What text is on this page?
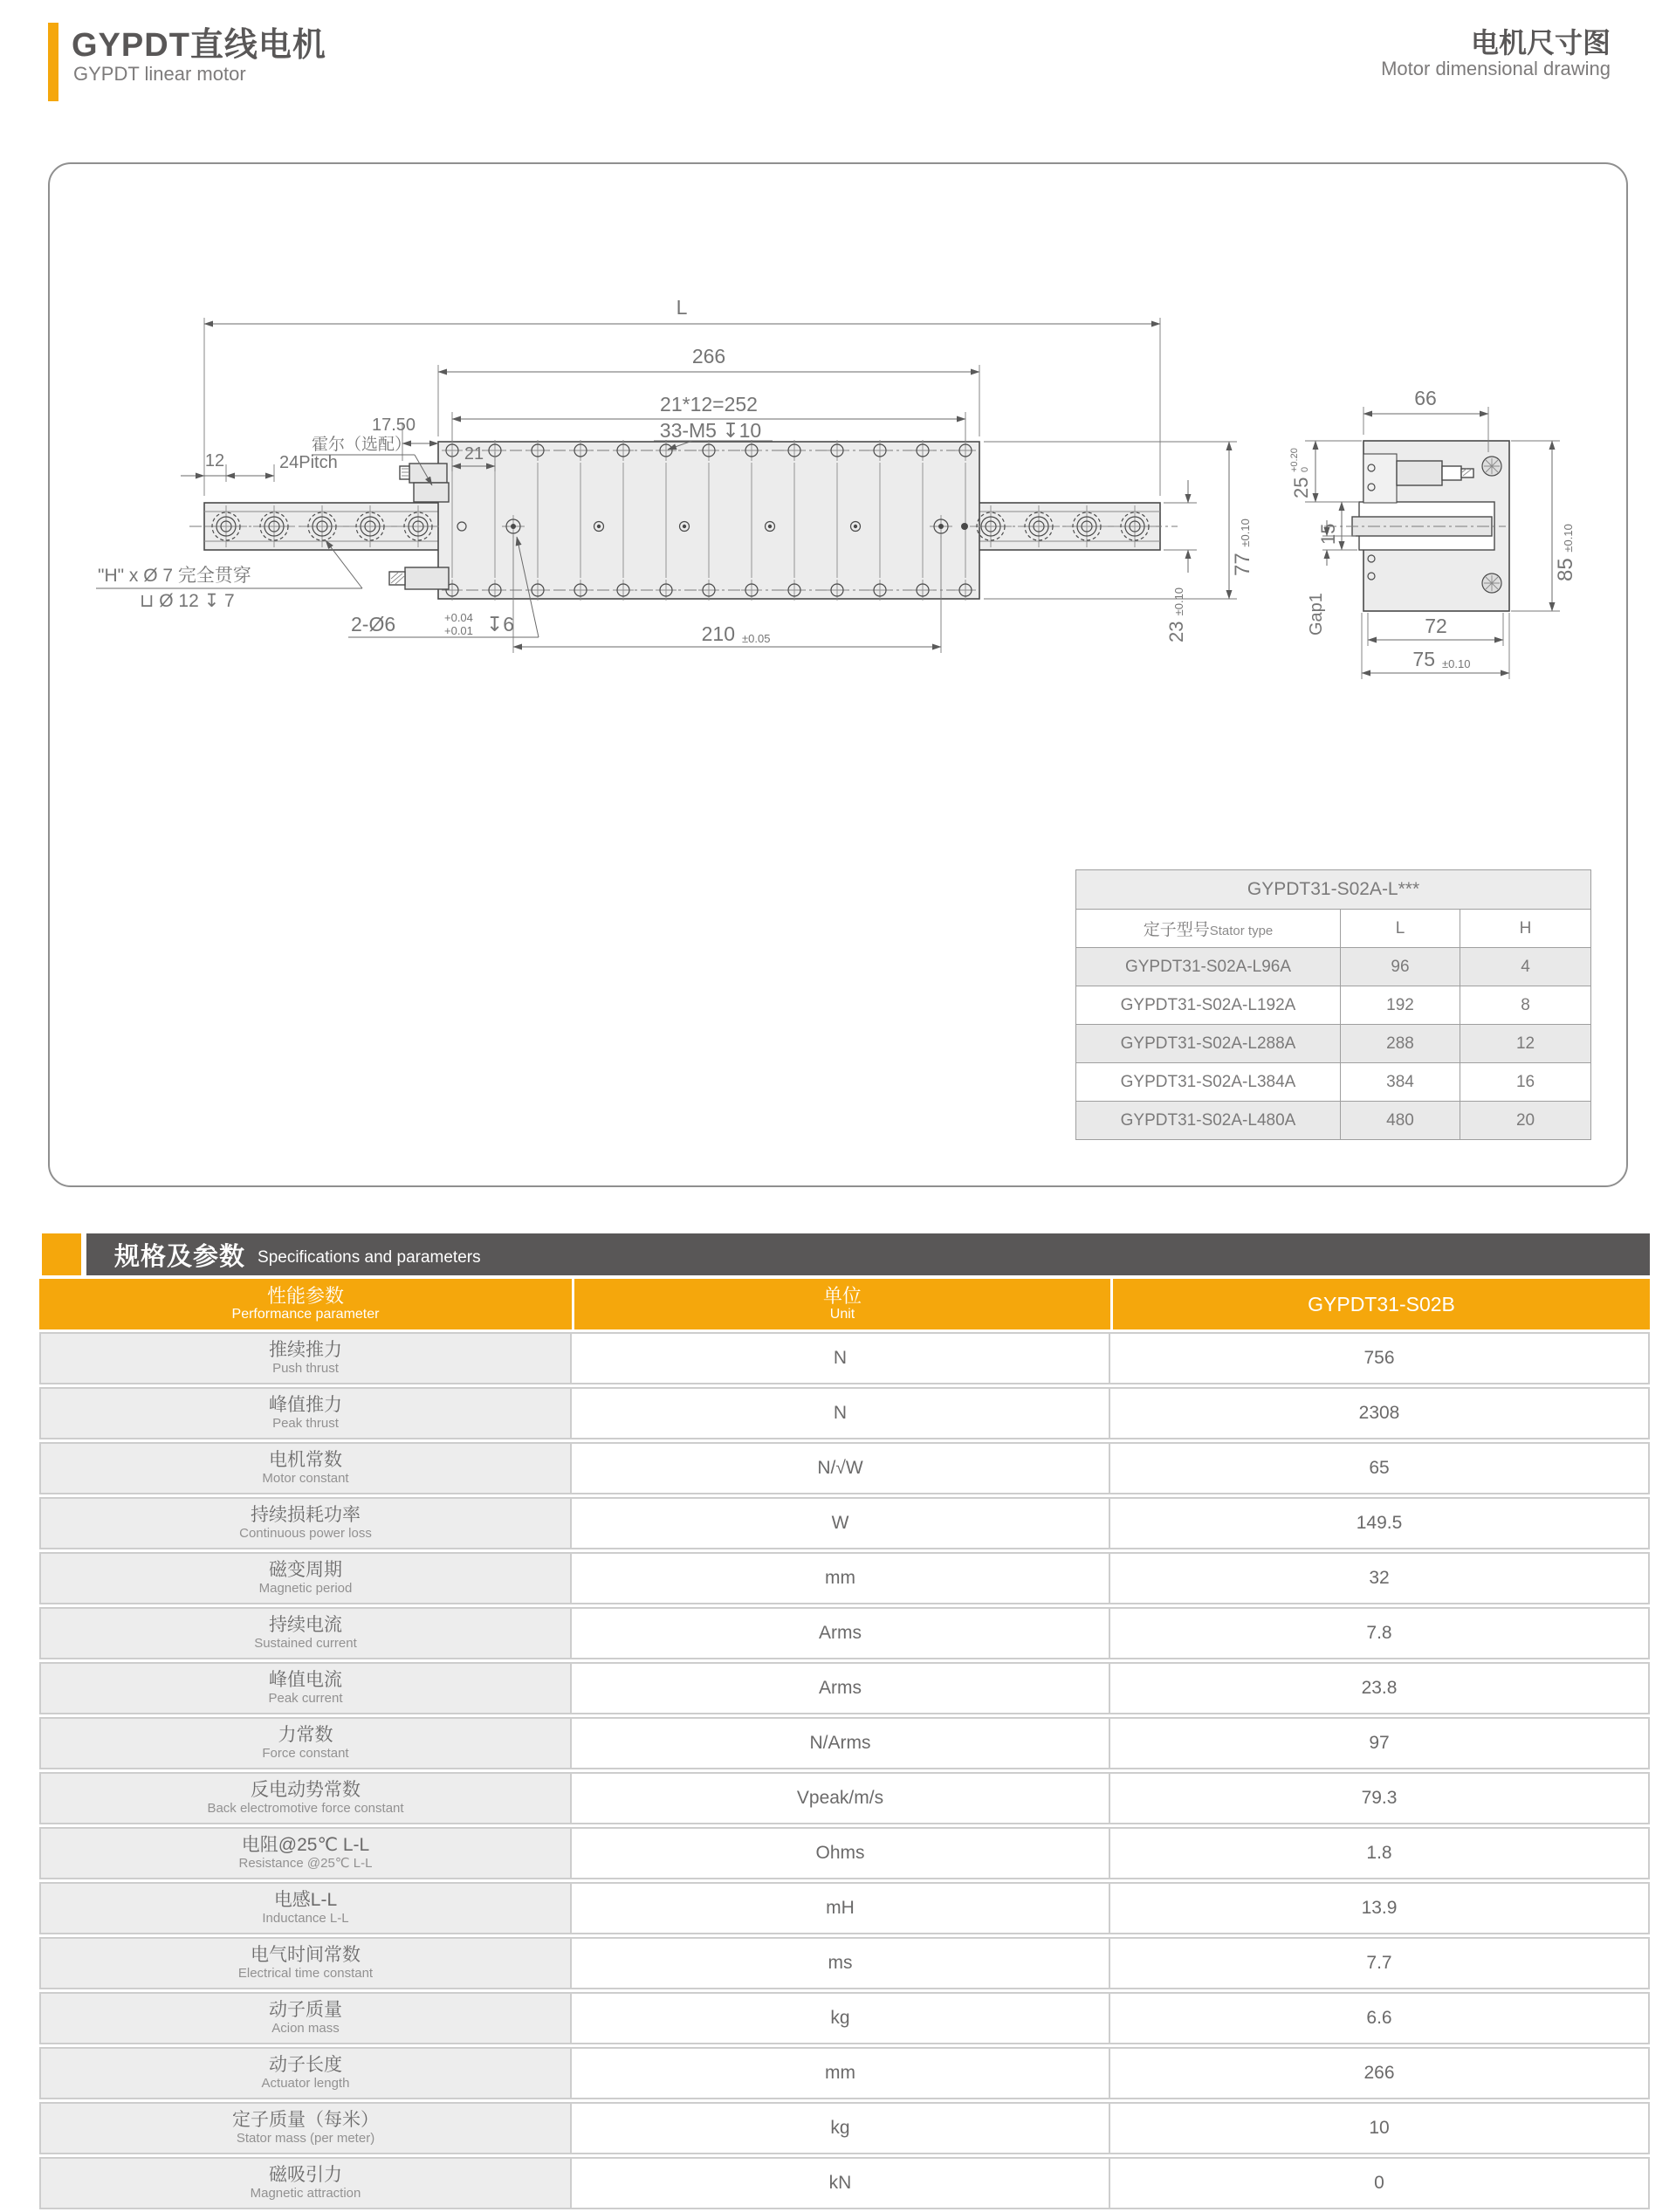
GYPDT直线电机
GYPDT linear motor
电机尺寸图
Motor dimensional drawing
L
266
21*12=252
33-M5 ↧10
17.50
21
12	24Pitch
霍尔（选配）
"H" x Ø 7 完全贯穿
⊔ Ø 12 ↧ 7
2-Ø6	+0.04
+0.01 ↧6	210 ±0.05
77 ±0.10
23 ±0.10
66
25
+0.20 0
15
Gap1
85 ±0.10
72
75 ±0.10
GYPDT31-S02A-L***		
定子型号Stator type	L	H
GYPDT31-S02A-L96A	96	4
GYPDT31-S02A-L192A	192	8
GYPDT31-S02A-L288A	288	12
GYPDT31-S02A-L384A	384	16
GYPDT31-S02A-L480A	480	20
规格及参数 Specifications and parameters
性能参数
Performance parameter

单位
Unit	GYPDT31-S02B

推续推力
Push thrust	N	756

峰值推力
Peak thrust	N	2308

电机常数
Motor constant	N/√W	65

持续损耗功率
Continuous power loss	W	149.5

磁变周期
Magnetic period	mm	32

持续电流
Sustained current	Arms	7.8

峰值电流
Peak current	Arms	23.8

力常数
Force constant	N/Arms	97

反电动势常数
Back electromotive force constant	Vpeak/m/s	79.3

电阻@25℃ L-L
Resistance @25℃ L-L	Ohms	1.8

电感L-L
Inductance L-L	mH	13.9

电气时间常数
Electrical time constant	ms	7.7

动子质量
Acion mass	kg	6.6

动子长度
Actuator length	mm	266

定子质量（每米）
Stator mass (per meter)	kg	10

磁吸引力
Magnetic attraction	kN	0
